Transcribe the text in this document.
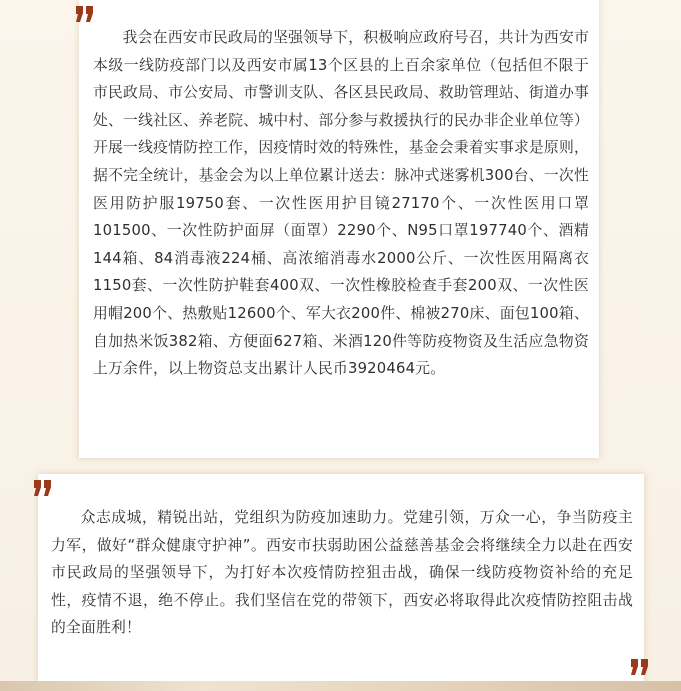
我会在西安市民政局的坚强领导下，积极响应政府号召，共计为西安市本级一线防疫部门以及西安市属13个区县的上百余家单位（包括但不限于市民政局、市公安局、市警训支队、各区县民政局、救助管理站、街道办事处、一线社区、养老院、城中村、部分参与救援执行的民办非企业单位等）开展一线疫情防控工作，因疫情时效的特殊性，基金会秉着实事求是原则，据不完全统计，基金会为以上单位累计送去：脉冲式迷雾机300台、一次性医用防护服19750套、一次性医用护目镜27170个、一次性医用口罩101500、一次性防护面屏（面罩）2290个、N95口罩197740个、酒精144箱、84消毒液224桶、高浓缩消毒水2000公斤、一次性医用隔离衣1150套、一次性防护鞋套400双、一次性橡胶检查手套200双、一次性医用帽200个、热敷贴12600个、军大衣200件、棉被270床、面包100箱、自加热米饭382箱、方便面627箱、米酒120件等防疫物资及生活应急物资上万余件，以上物资总支出累计人民币3920464元。

众志成城，精锐出站，党组织为防疫加速助力。党建引领，万众一心，争当防疫主力军，做好“群众健康守护神”。西安市扶弱助困公益慈善基金会将继续全力以赴在西安市民政局的坚强领导下，为打好本次疫情防控狙击战，确保一线防疫物资补给的充足性，疫情不退，绝不停止。我们坚信在党的带领下，西安必将取得此次疫情防控阻击战的全面胜利！
